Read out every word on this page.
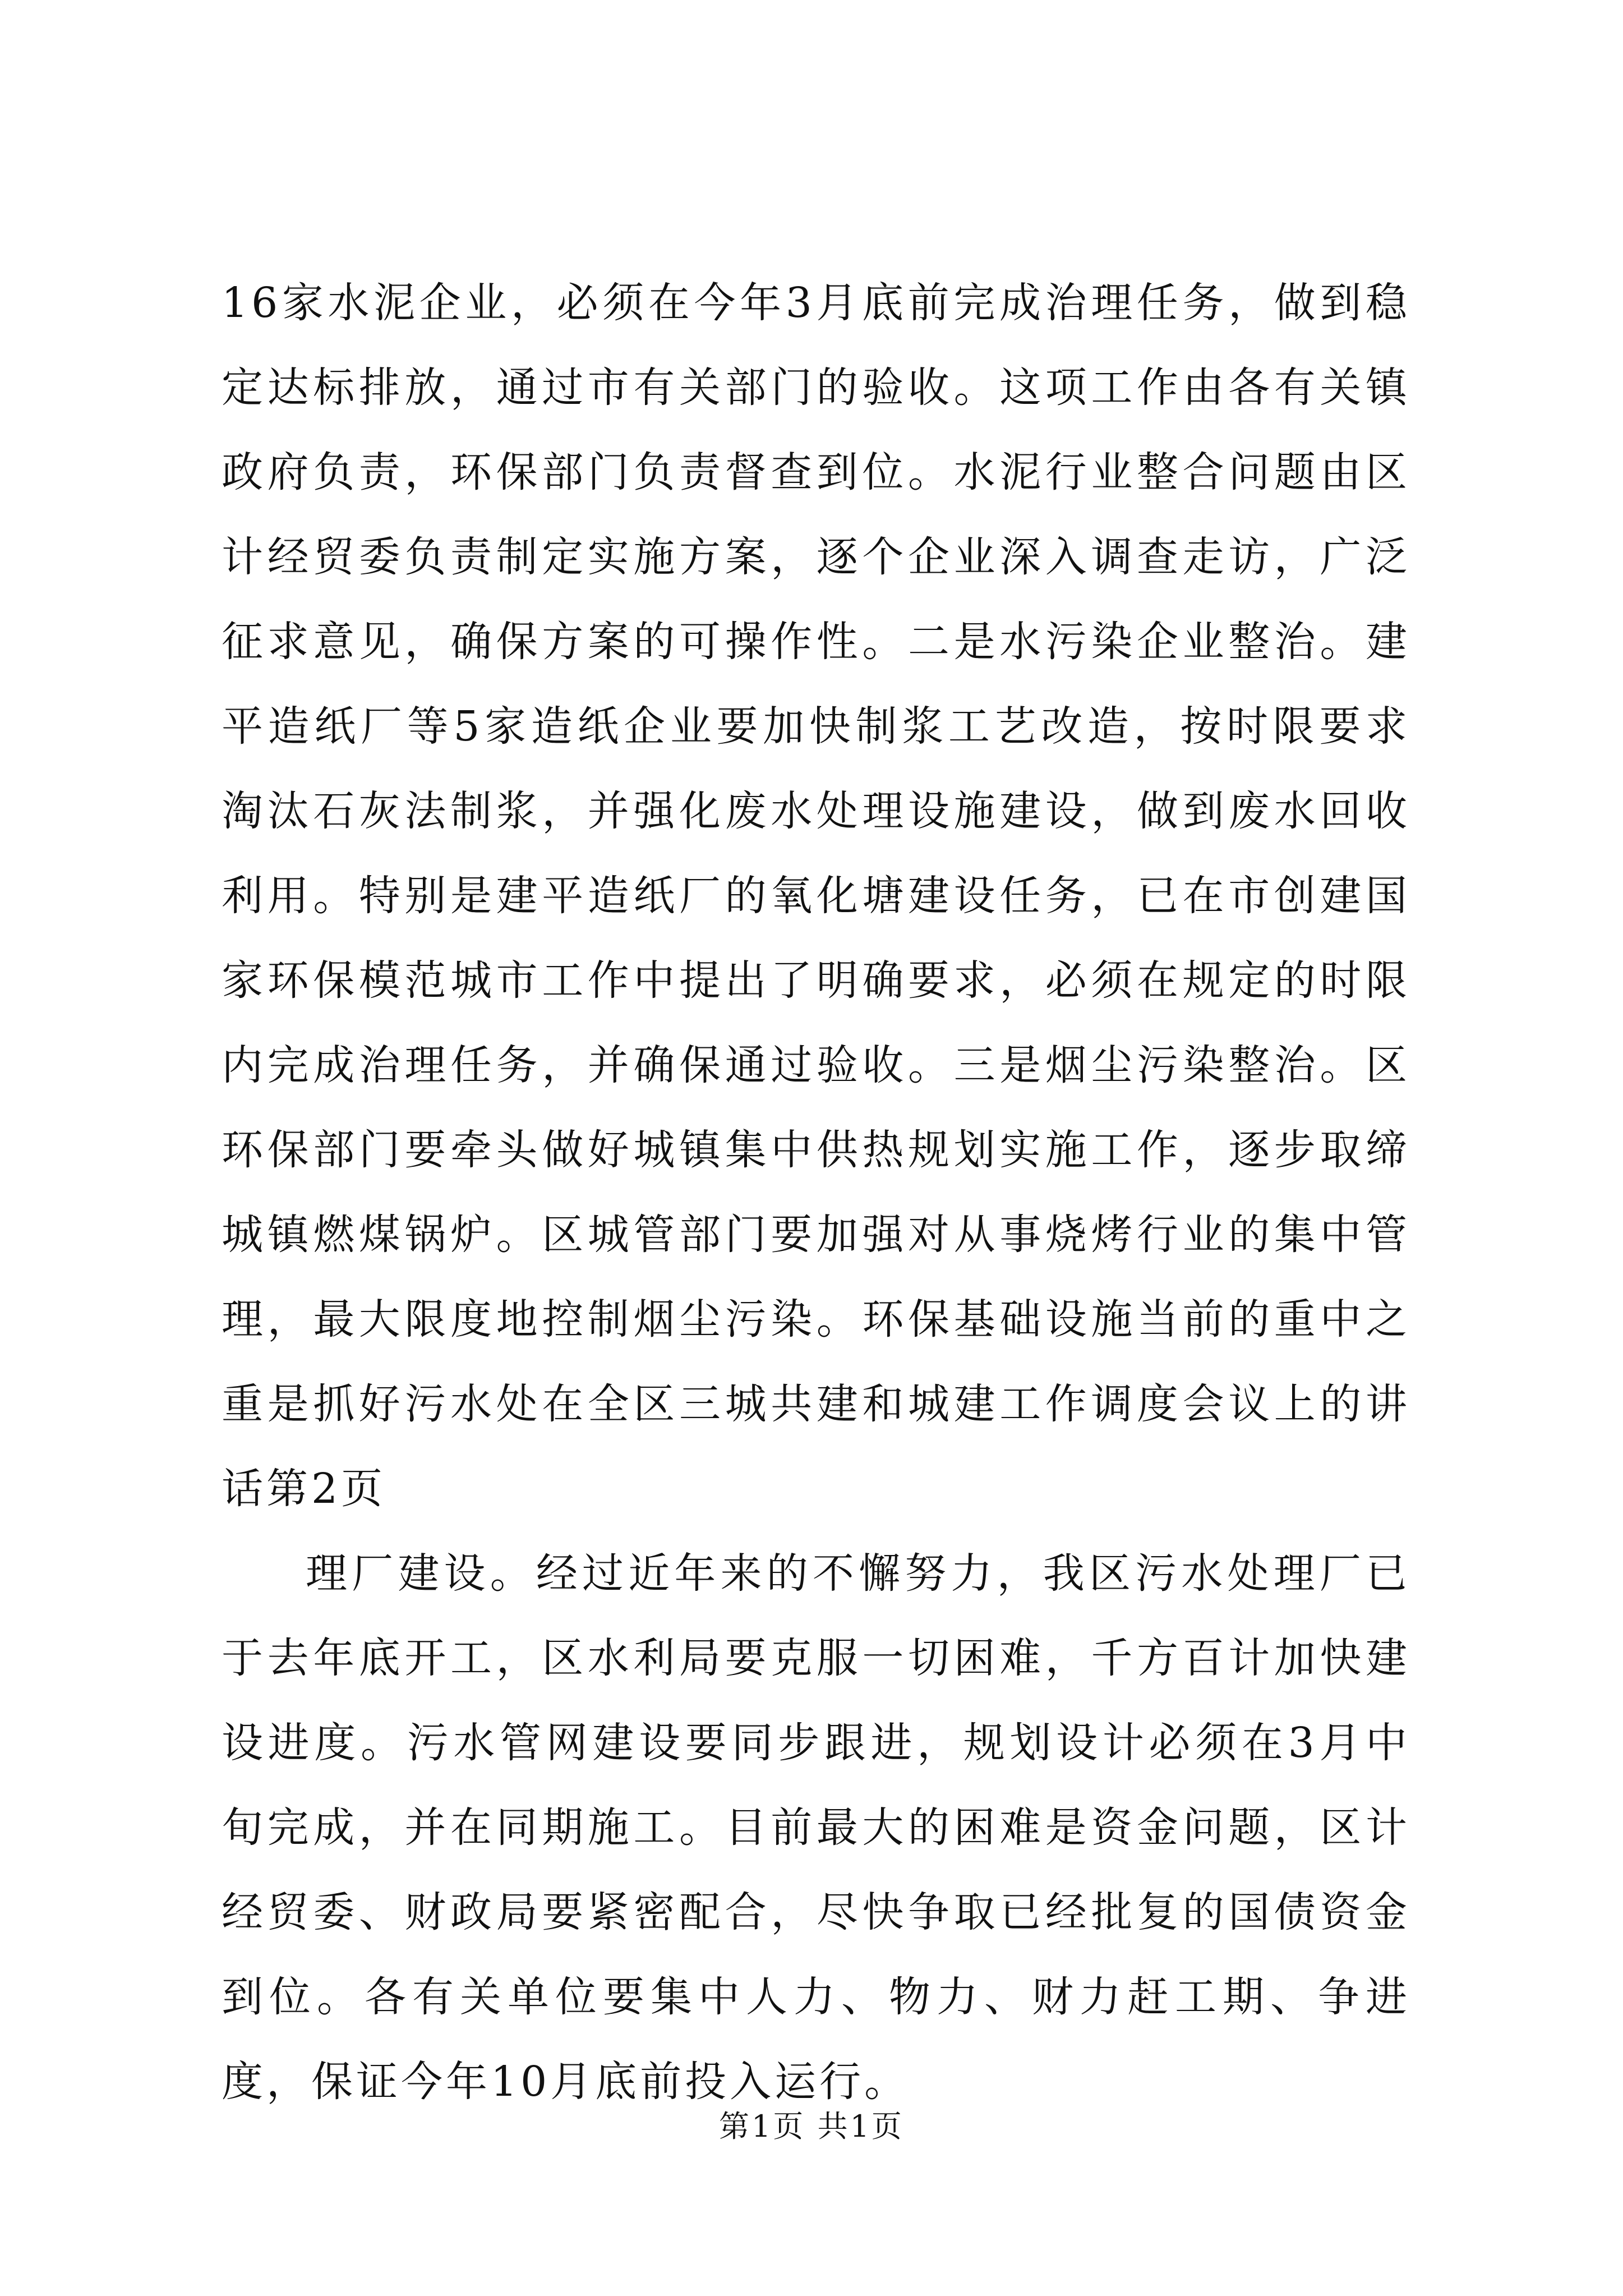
16家水泥企业，必须在今年3月底前完成治理任务，做到稳定达标排放，通过市有关部门的验收。这项工作由各有关镇政府负责，环保部门负责督查到位。水泥行业整合问题由区计经贸委负责制定实施方案，逐个企业深入调查走访，广泛征求意见，确保方案的可操作性。二是水污染企业整治。建平造纸厂等5家造纸企业要加快制浆工艺改造，按时限要求淘汰石灰法制浆，并强化废水处理设施建设，做到废水回收利用。特别是建平造纸厂的氧化塘建设任务，已在市创建国家环保模范城市工作中提出了明确要求，必须在规定的时限内完成治理任务，并确保通过验收。三是烟尘污染整治。区环保部门要牵头做好城镇集中供热规划实施工作，逐步取缔城镇燃煤锅炉。区城管部门要加强对从事烧烤行业的集中管理，最大限度地控制烟尘污染。环保基础设施当前的重中之重是抓好污水处在全区三城共建和城建工作调度会议上的讲话第2页

理厂建设。经过近年来的不懈努力，我区污水处理厂已于去年底开工，区水利局要克服一切困难，千方百计加快建设进度。污水管网建设要同步跟进，规划设计必须在3月中旬完成，并在同期施工。目前最大的困难是资金问题，区计经贸委、财政局要紧密配合，尽快争取已经批复的国债资金到位。各有关单位要集中人力、物力、财力赶工期、争进度，保证今年10月底前投入运行。

第1页 共1页
